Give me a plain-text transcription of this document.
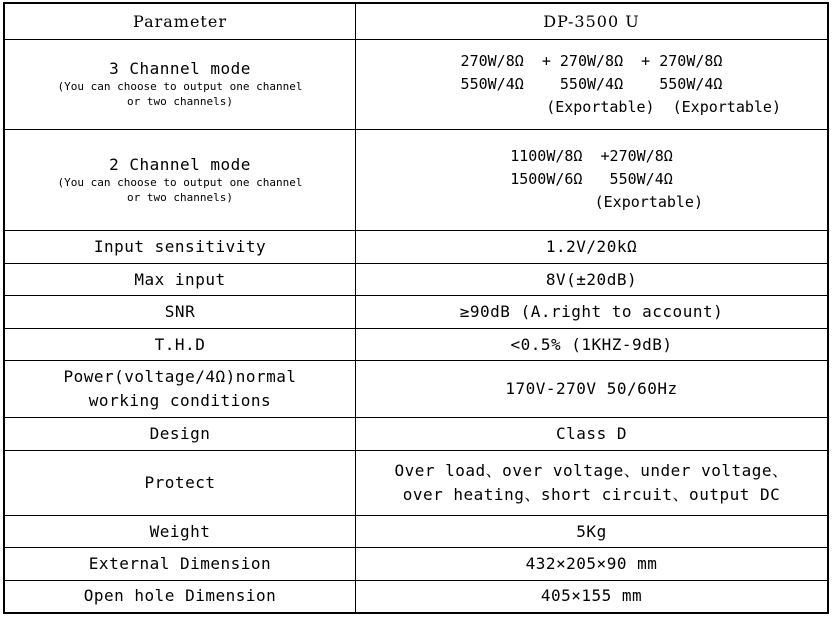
Parameter	DP-3500 U

3 Channel mode
(You can choose to output one channel
or two channels)	270W/8Ω  + 270W/8Ω  + 270W/8Ω
550W/4Ω    550W/4Ω    550W/4Ω
(Exportable)  (Exportable)

2 Channel mode
(You can choose to output one channel
or two channels)	1100W/8Ω  +270W/8Ω
1500W/6Ω   550W/4Ω
(Exportable)

Input sensitivity	1.2V/20kΩ
Max input	8V(±20dB)
SNR	≥90dB (A.right to account)
T.H.D	<0.5% (1KHZ-9dB)

Power(voltage/4Ω)normal
working conditions	170V-270V 50/60Hz
Design	Class D
Protect	Over load、over voltage、under voltage、
over heating、short circuit、output DC

Weight	5Kg
External Dimension	432×205×90 mm
Open hole Dimension	405×155 mm
